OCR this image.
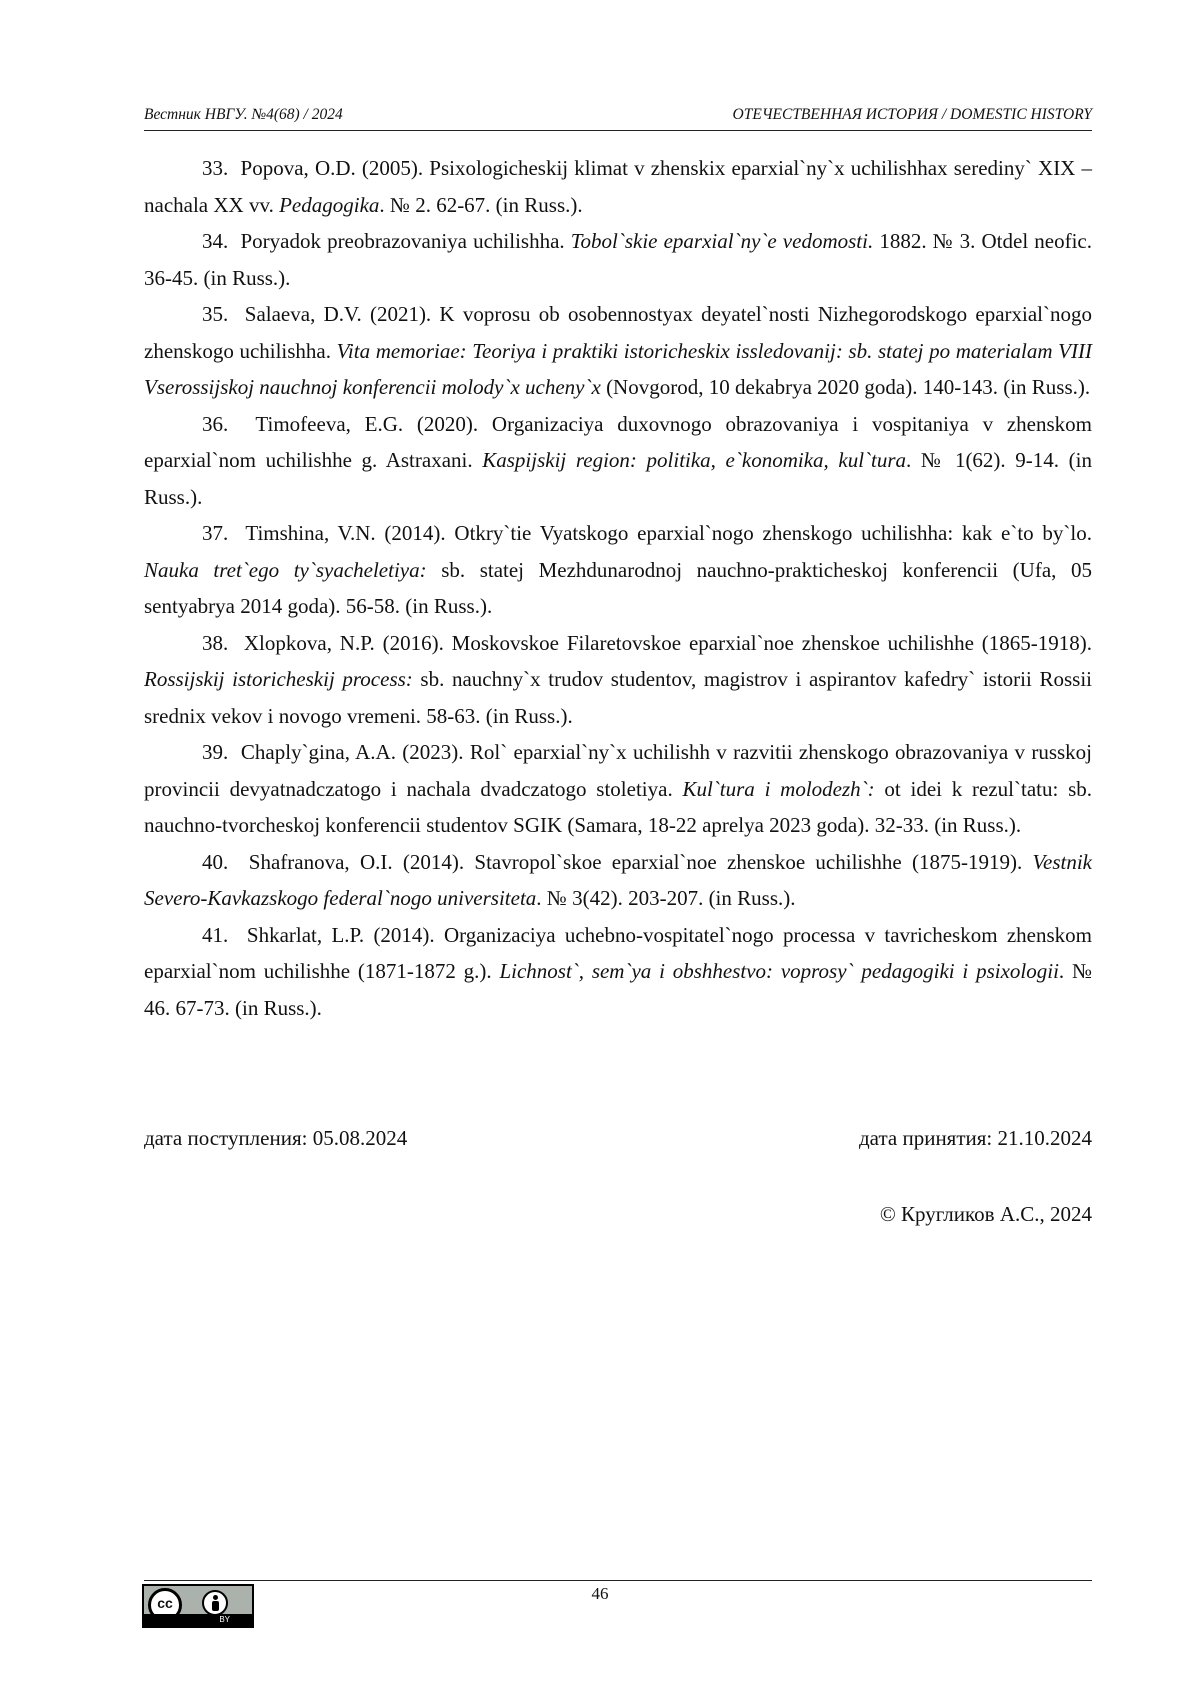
Вестник НВГУ. №4(68) / 2024	ОТЕЧЕСТВЕННАЯ ИСТОРИЯ / DOMESTIC HISTORY

33. Popova, O.D. (2005). Psixologicheskij klimat v zhenskix eparxial`ny`x uchilishhax seredinу` XIX – nachala XX vv. Pedagogika. № 2. 62-67. (in Russ.).

34. Poryadok preobrazovaniya uchilishha. Tobol`skie eparxial`ny`e vedomosti. 1882. № 3. Otdel neofic. 36-45. (in Russ.).

35. Salaeva, D.V. (2021). K voprosu ob osobennostyax deyatel`nosti Nizhegorodskogo eparxial`nogo zhenskogo uchilishha. Vita memoriae: Teoriya i praktiki istoricheskix issledovanij: sb. statej po materialam VIII Vserossijskoj nauchnoj konferencii molody`x ucheny`x (Novgorod, 10 dekabrya 2020 goda). 140-143. (in Russ.).

36. Timofeeva, E.G. (2020). Organizaciya duxovnogo obrazovaniya i vospitaniya v zhenskom eparxial`nom uchilishhe g. Astraxani. Kaspijskij region: politika, e`konomika, kul`tura. № 1(62). 9-14. (in Russ.).

37. Timshina, V.N. (2014). Otkry`tie Vyatskogo eparxial`nogo zhenskogo uchilishha: kak e`to by`lo. Nauka tret`ego ty`syacheletiya: sb. statej Mezhdunarodnoj nauchno-prakticheskoj konferencii (Ufa, 05 sentyabrya 2014 goda). 56-58. (in Russ.).

38. Xlopkova, N.P. (2016). Moskovskoe Filaretovskoe eparxial`noe zhenskoe uchilishhe (1865-1918). Rossijskij istoricheskij process: sb. nauchny`x trudov studentov, magistrov i aspirantov kafedry` istorii Rossii srednix vekov i novogo vremeni. 58-63. (in Russ.).

39. Chaply`gina, A.A. (2023). Rol` eparxial`ny`x uchilishh v razvitii zhenskogo obrazovaniya v russkoj provincii devyatnadczatogo i nachala dvadczatogo stoletiya. Kul`tura i molodezh`: ot idei k rezul`tatu: sb. nauchno-tvorcheskoj konferencii studentov SGIK (Samara, 18-22 aprelya 2023 goda). 32-33. (in Russ.).

40. Shafranova, O.I. (2014). Stavropol`skoe eparxial`noe zhenskoe uchilishhe (1875-1919). Vestnik Severo-Kavkazskogo federal`nogo universiteta. № 3(42). 203-207. (in Russ.).

41. Shkarlat, L.P. (2014). Organizaciya uchebno-vospitatel`nogo processa v tavricheskom zhenskom eparxial`nom uchilishhe (1871-1872 g.). Lichnost`, sem`ya i obshhestvo: voprosy` pedagogiki i psixologii. № 46. 67-73. (in Russ.).

дата поступления: 05.08.2024	дата принятия: 21.10.2024
© Кругликов А.С., 2024
cc
BY
46
